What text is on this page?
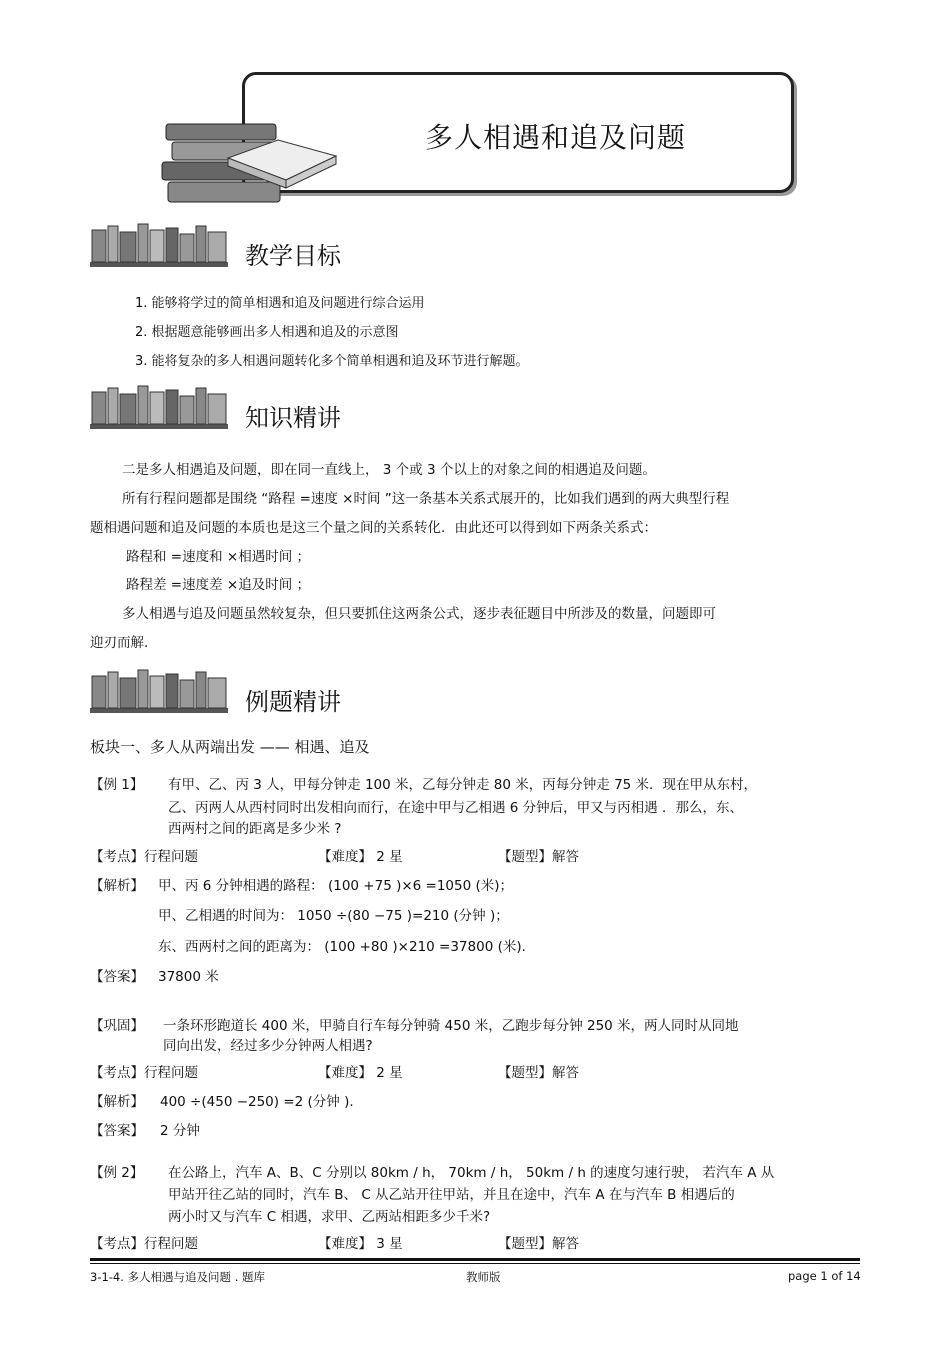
多人相遇和追及问题
教学目标
1. 能够将学过的简单相遇和追及问题进行综合运用
2. 根据题意能够画出多人相遇和追及的示意图
3. 能将复杂的多人相遇问题转化多个简单相遇和追及环节进行解题。
知识精讲
二是多人相遇追及问题，即在同一直线上， 3 个或 3 个以上的对象之间的相遇追及问题。
所有行程问题都是围绕 “路程 =速度 ×时间 ”这一条基本关系式展开的，比如我们遇到的两大典型行程
题相遇问题和追及问题的本质也是这三个量之间的关系转化．由此还可以得到如下两条关系式：
路程和 =速度和 ×相遇时间 ；
路程差 =速度差 ×追及时间 ；
多人相遇与追及问题虽然较复杂，但只要抓住这两条公式，逐步表征题目中所涉及的数量，问题即可
迎刃而解.
例题精讲
板块一、多人从两端出发 —— 相遇、追及
【例 1】 有甲、乙、丙 3 人，甲每分钟走 100 米，乙每分钟走 80 米，丙每分钟走 75 米．现在甲从东村，
乙、丙两人从西村同时出发相向而行，在途中甲与乙相遇 6 分钟后，甲又与丙相遇 ．那么，东、
西两村之间的距离是多少米 ?
【考点】行程问题	【难度】 2 星	【题型】解答
【解析】 甲、丙 6 分钟相遇的路程： (100 +75 )×6 =1050 (米)；
甲、乙相遇的时间为： 1050 ÷(80 −75 )=210 (分钟 )；
东、西两村之间的距离为： (100 +80 )×210 =37800 (米).
【答案】 37800 米
【巩固】 一条环形跑道长 400 米，甲骑自行车每分钟骑 450 米，乙跑步每分钟 250 米，两人同时从同地
同向出发，经过多少分钟两人相遇?
【考点】行程问题	【难度】 2 星	【题型】解答
【解析】 400 ÷(450 −250) =2 (分钟 ).
【答案】 2 分钟
【例 2】 在公路上，汽车 A、B、C 分别以 80km / h， 70km / h， 50km / h 的速度匀速行驶， 若汽车 A 从
甲站开往乙站的同时，汽车 B、 C 从乙站开往甲站，并且在途中，汽车 A 在与汽车 B 相遇后的
两小时又与汽车 C 相遇，求甲、乙两站相距多少千米?
【考点】行程问题	【难度】 3 星	【题型】解答
3-1-4. 多人相遇与追及问题 . 题库	教师版	page 1 of 14
